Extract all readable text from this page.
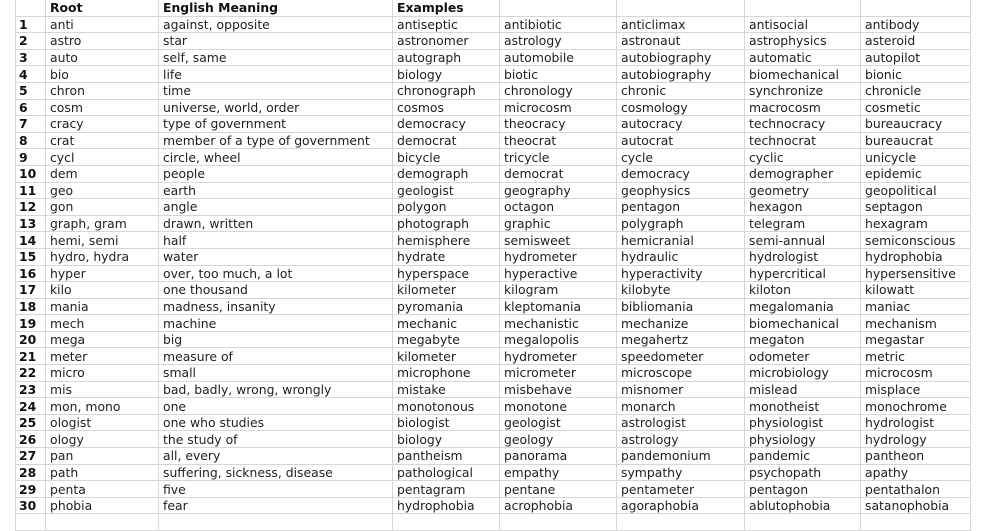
	Root	English Meaning	Examples				
1	anti	against, opposite	antiseptic	antibiotic	anticlimax	antisocial	antibody
2	astro	star	astronomer	astrology	astronaut	astrophysics	asteroid
3	auto	self, same	autograph	automobile	autobiography	automatic	autopilot
4	bio	life	biology	biotic	autobiography	biomechanical	bionic
5	chron	time	chronograph	chronology	chronic	synchronize	chronicle
6	cosm	universe, world, order	cosmos	microcosm	cosmology	macrocosm	cosmetic
7	cracy	type of government	democracy	theocracy	autocracy	technocracy	bureaucracy
8	crat	member of a type of government	democrat	theocrat	autocrat	technocrat	bureaucrat
9	cycl	circle, wheel	bicycle	tricycle	cycle	cyclic	unicycle
10	dem	people	demograph	democrat	democracy	demographer	epidemic
11	geo	earth	geologist	geography	geophysics	geometry	geopolitical
12	gon	angle	polygon	octagon	pentagon	hexagon	septagon
13	graph, gram	drawn, written	photograph	graphic	polygraph	telegram	hexagram
14	hemi, semi	half	hemisphere	semisweet	hemicranial	semi-annual	semiconscious
15	hydro, hydra	water	hydrate	hydrometer	hydraulic	hydrologist	hydrophobia
16	hyper	over, too much, a lot	hyperspace	hyperactive	hyperactivity	hypercritical	hypersensitive
17	kilo	one thousand	kilometer	kilogram	kilobyte	kiloton	kilowatt
18	mania	madness, insanity	pyromania	kleptomania	bibliomania	megalomania	maniac
19	mech	machine	mechanic	mechanistic	mechanize	biomechanical	mechanism
20	mega	big	megabyte	megalopolis	megahertz	megaton	megastar
21	meter	measure of	kilometer	hydrometer	speedometer	odometer	metric
22	micro	small	microphone	micrometer	microscope	microbiology	microcosm
23	mis	bad, badly, wrong, wrongly	mistake	misbehave	misnomer	mislead	misplace
24	mon, mono	one	monotonous	monotone	monarch	monotheist	monochrome
25	ologist	one who studies	biologist	geologist	astrologist	physiologist	hydrologist
26	ology	the study of	biology	geology	astrology	physiology	hydrology
27	pan	all, every	pantheism	panorama	pandemonium	pandemic	pantheon
28	path	suffering, sickness, disease	pathological	empathy	sympathy	psychopath	apathy
29	penta	five	pentagram	pentane	pentameter	pentagon	pentathalon
30	phobia	fear	hydrophobia	acrophobia	agoraphobia	ablutophobia	satanophobia
